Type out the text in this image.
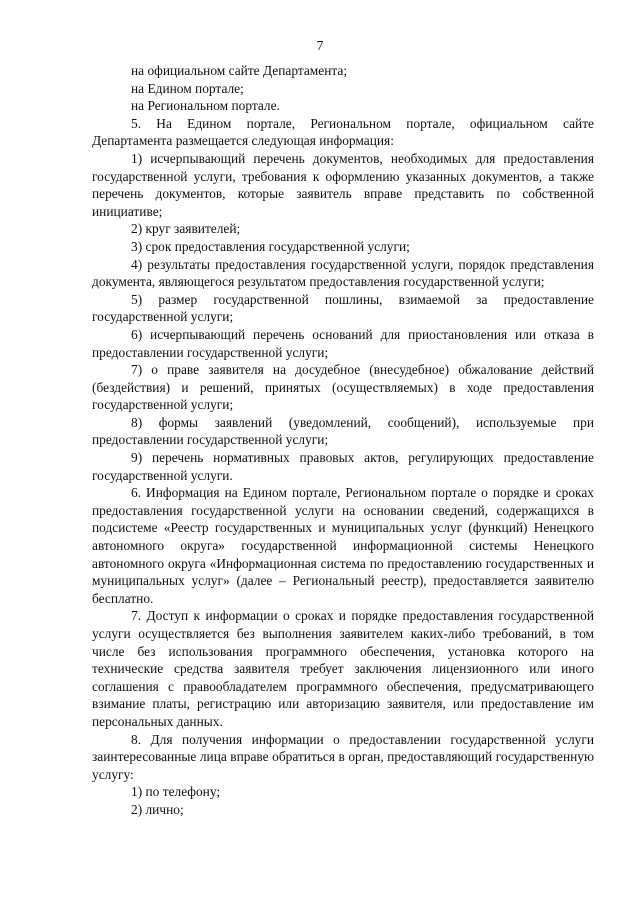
7

на официальном сайте Департамента;

на Едином портале;

на Региональном портале.

5. На Едином портале, Региональном портале, официальном сайте Департамента размещается следующая информация:

1) исчерпывающий перечень документов, необходимых для предоставления государственной услуги, требования к оформлению указанных документов, а также перечень документов, которые заявитель вправе представить по собственной инициативе;

2) круг заявителей;

3) срок предоставления государственной услуги;

4) результаты предоставления государственной услуги, порядок представления документа, являющегося результатом предоставления государственной услуги;

5) размер государственной пошлины, взимаемой за предоставление государственной услуги;

6) исчерпывающий перечень оснований для приостановления или отказа в предоставлении государственной услуги;

7) о праве заявителя на досудебное (внесудебное) обжалование действий (бездействия) и решений, принятых (осуществляемых) в ходе предоставления государственной услуги;

8) формы заявлений (уведомлений, сообщений), используемые при предоставлении государственной услуги;

9) перечень нормативных правовых актов, регулирующих предоставление государственной услуги.

6. Информация на Едином портале, Региональном портале о порядке и сроках предоставления государственной услуги на основании сведений, содержащихся в подсистеме «Реестр государственных и муниципальных услуг (функций) Ненецкого автономного округа» государственной информационной системы Ненецкого автономного округа «Информационная система по предоставлению государственных и муниципальных услуг» (далее – Региональный реестр), предоставляется заявителю бесплатно.

7. Доступ к информации о сроках и порядке предоставления государственной услуги осуществляется без выполнения заявителем каких-либо требований, в том числе без использования программного обеспечения, установка которого на технические средства заявителя требует заключения лицензионного или иного соглашения с правообладателем программного обеспечения, предусматривающего взимание платы, регистрацию или авторизацию заявителя, или предоставление им персональных данных.

8. Для получения информации о предоставлении государственной услуги заинтересованные лица вправе обратиться в орган, предоставляющий государственную услугу:

1) по телефону;

2) лично;
